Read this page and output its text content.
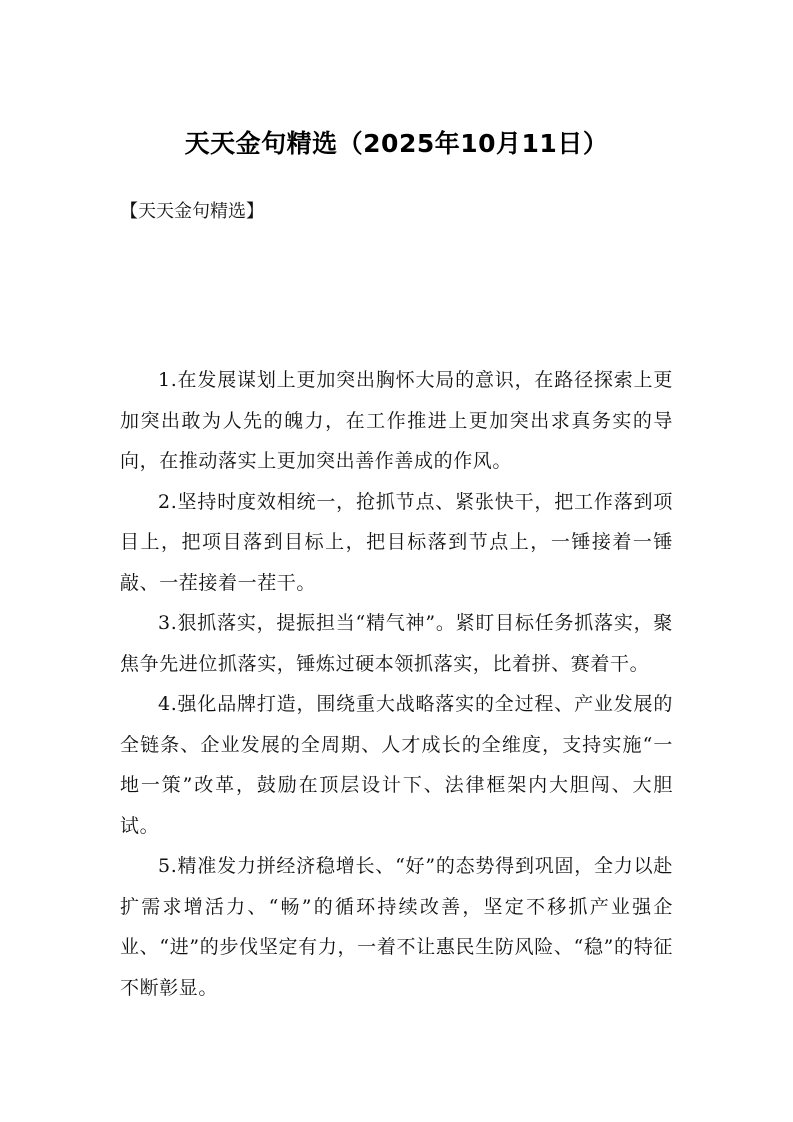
天天金句精选（2025年10月11日）
【天天金句精选】

1.在发展谋划上更加突出胸怀大局的意识，在路径探索上更加突出敢为人先的魄力，在工作推进上更加突出求真务实的导向，在推动落实上更加突出善作善成的作风。

2.坚持时度效相统一，抢抓节点、紧张快干，把工作落到项目上，把项目落到目标上，把目标落到节点上，一锤接着一锤敲、一茬接着一茬干。

3.狠抓落实，提振担当“精气神”。紧盯目标任务抓落实，聚焦争先进位抓落实，锤炼过硬本领抓落实，比着拼、赛着干。

4.强化品牌打造，围绕重大战略落实的全过程、产业发展的全链条、企业发展的全周期、人才成长的全维度，支持实施“一地一策”改革，鼓励在顶层设计下、法律框架内大胆闯、大胆试。

5.精准发力拼经济稳增长、“好”的态势得到巩固，全力以赴扩需求增活力、“畅”的循环持续改善，坚定不移抓产业强企业、“进”的步伐坚定有力，一着不让惠民生防风险、“稳”的特征不断彰显。
